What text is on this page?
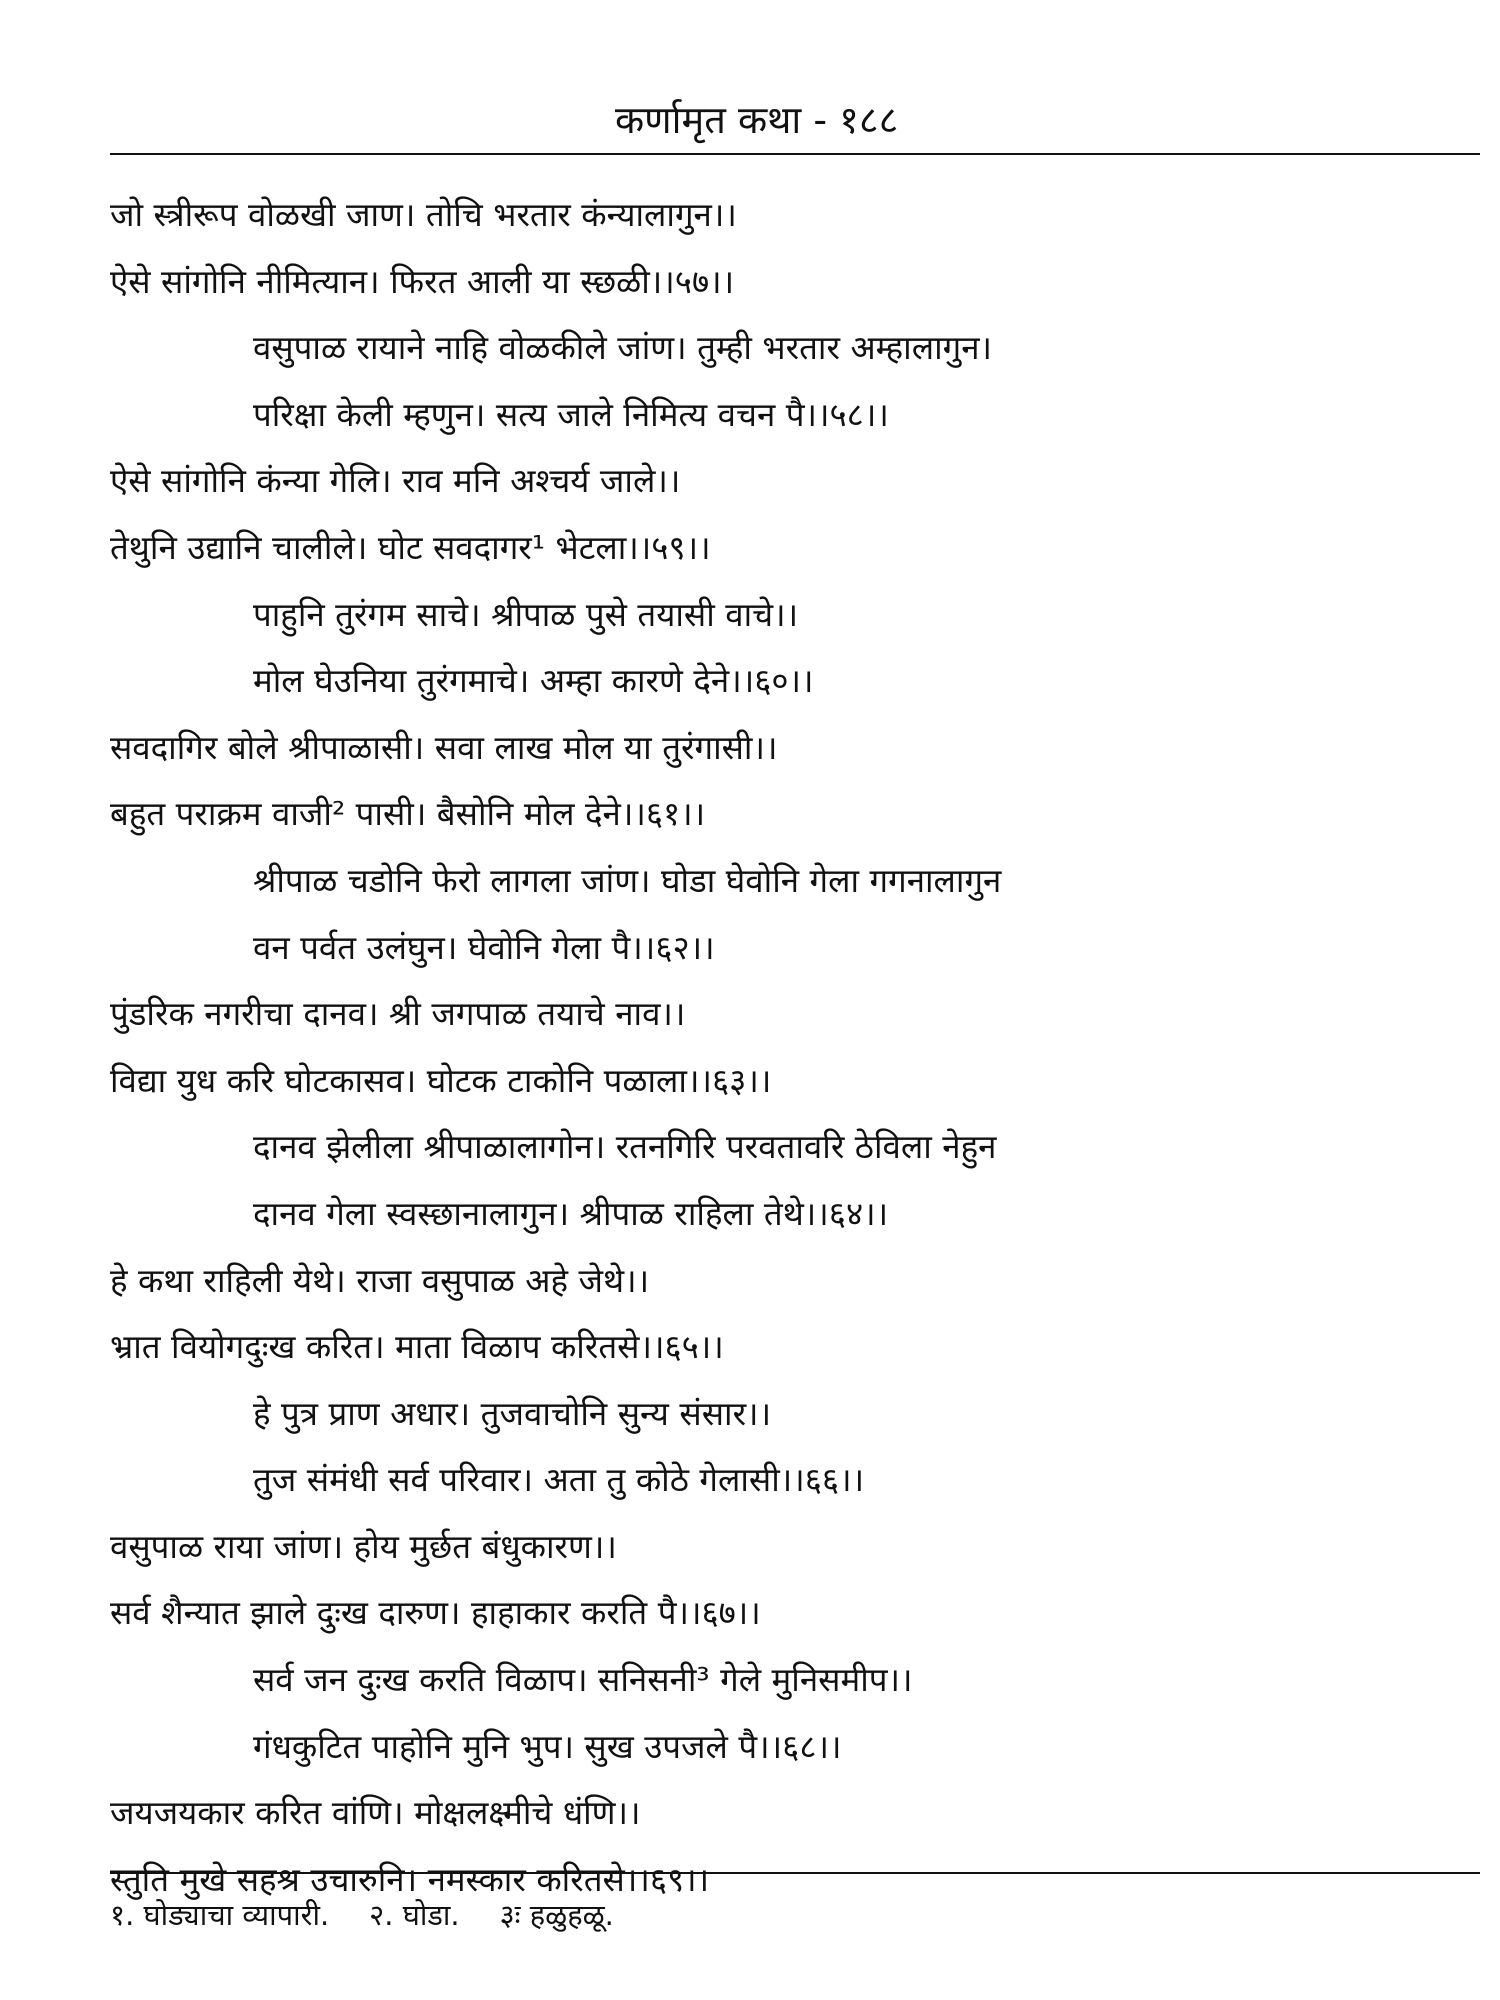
कर्णामृत कथा - १८८
जो स्त्रीरूप वोळखी जाण। तोचि भरतार कंन्यालागुन।।
ऐसे सांगोनि नीमित्यान। फिरत आली या स्छळी।।५७।।
वसुपाळ रायाने नाहि वोळकीले जांण। तुम्ही भरतार अम्हालागुन।
परिक्षा केली म्हणुन। सत्य जाले निमित्य वचन पै।।५८।।
ऐसे सांगोनि कंन्या गेलि। राव मनि अश्चर्य जाले।।
तेथुनि उद्यानि चालीले। घोट सवदागर¹ भेटला।।५९।।
पाहुनि तुरंगम साचे। श्रीपाळ पुसे तयासी वाचे।।
मोल घेउनिया तुरंगमाचे। अम्हा कारणे देने।।६०।।
सवदागिर बोले श्रीपाळासी। सवा लाख मोल या तुरंगासी।।
बहुत पराक्रम वाजी² पासी। बैसोनि मोल देने।।६१।।
श्रीपाळ चडोनि फेरो लागला जांण। घोडा घेवोनि गेला गगनालागुन
वन पर्वत उलंघुन। घेवोनि गेला पै।।६२।।
पुंडरिक नगरीचा दानव। श्री जगपाळ तयाचे नाव।।
विद्या युध करि घोटकासव। घोटक टाकोनि पळाला।।६३।।
दानव झेलीला श्रीपाळालागोन। रतनगिरि परवतावरि ठेविला नेहुन
दानव गेला स्वस्छानालागुन। श्रीपाळ राहिला तेथे।।६४।।
हे कथा राहिली येथे। राजा वसुपाळ अहे जेथे।।
भ्रात वियोगदुःख करित। माता विळाप करितसे।।६५।।
हे पुत्र प्राण अधार। तुजवाचोनि सुन्य संसार।।
तुज संमंधी सर्व परिवार। अता तु कोठे गेलासी।।६६।।
वसुपाळ राया जांण। होय मुर्छत बंधुकारण।।
सर्व शैन्यात झाले दुःख दारुण। हाहाकार करति पै।।६७।।
सर्व जन दुःख करति विळाप। सनिसनी³ गेले मुनिसमीप।।
गंधकुटित पाहोनि मुनि भुप। सुख उपजले पै।।६८।।
जयजयकार करित वांणि। मोक्षलक्ष्मीचे धंणि।।
स्तुति मुखे सहश्र उचारुनि। नमस्कार करितसे।।६९।।
१. घोड्याचा व्यापारी. २. घोडा. ३ः हळुहळू.
